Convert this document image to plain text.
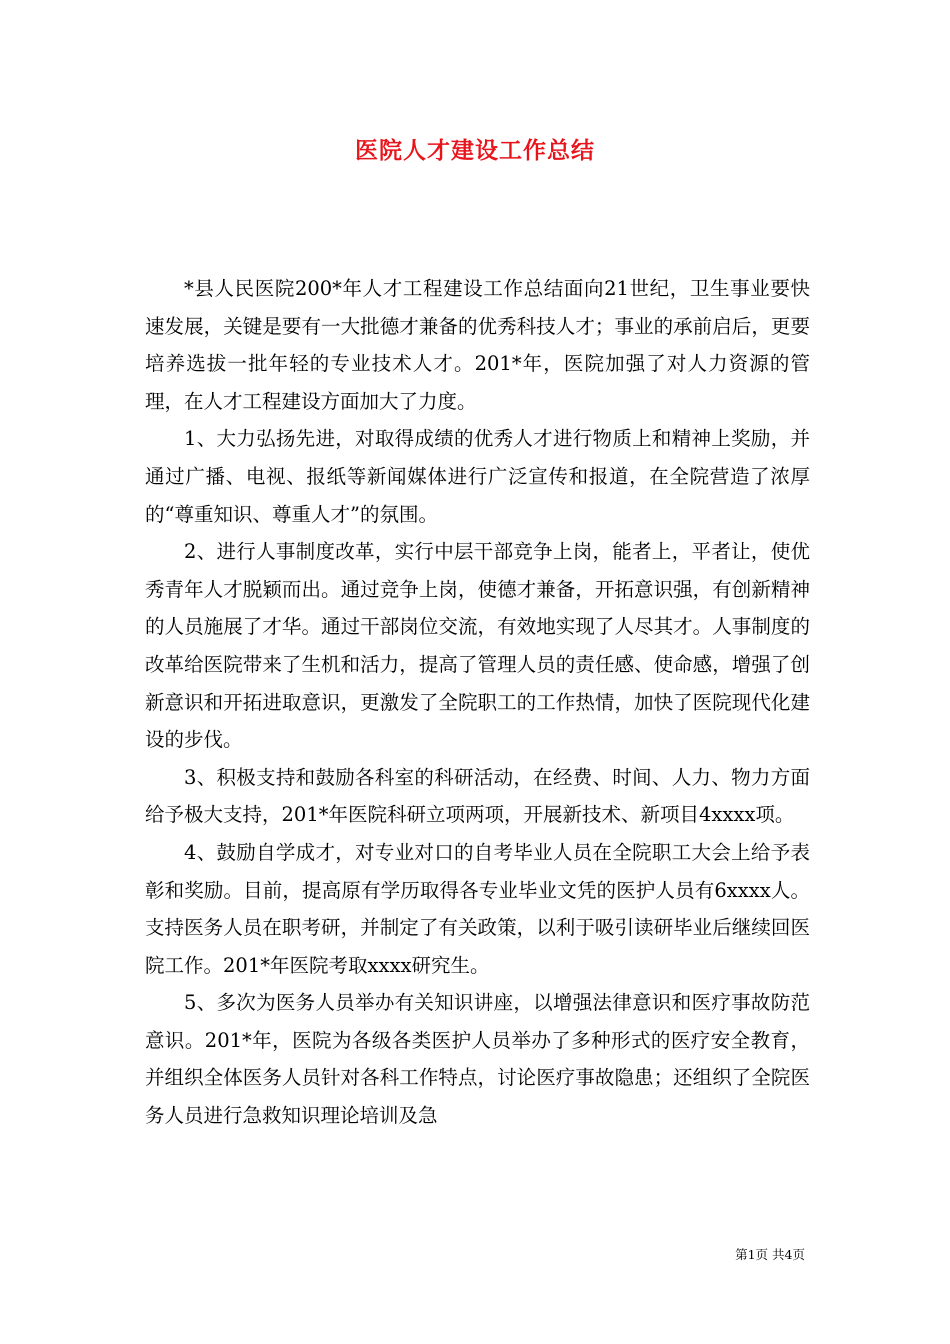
医院人才建设工作总结

*县人民医院200*年人才工程建设工作总结面向21世纪，卫生事业要快速发展，关键是要有一大批德才兼备的优秀科技人才；事业的承前启后，更要培养选拔一批年轻的专业技术人才。201*年，医院加强了对人力资源的管理，在人才工程建设方面加大了力度。

1、大力弘扬先进，对取得成绩的优秀人才进行物质上和精神上奖励，并通过广播、电视、报纸等新闻媒体进行广泛宣传和报道，在全院营造了浓厚的“尊重知识、尊重人才”的氛围。

2、进行人事制度改革，实行中层干部竞争上岗，能者上，平者让，使优秀青年人才脱颖而出。通过竞争上岗，使德才兼备，开拓意识强，有创新精神的人员施展了才华。通过干部岗位交流，有效地实现了人尽其才。人事制度的改革给医院带来了生机和活力，提高了管理人员的责任感、使命感，增强了创新意识和开拓进取意识，更激发了全院职工的工作热情，加快了医院现代化建设的步伐。

3、积极支持和鼓励各科室的科研活动，在经费、时间、人力、物力方面给予极大支持，201*年医院科研立项两项，开展新技术、新项目4xxxx项。

4、鼓励自学成才，对专业对口的自考毕业人员在全院职工大会上给予表彰和奖励。目前，提高原有学历取得各专业毕业文凭的医护人员有6xxxx人。支持医务人员在职考研，并制定了有关政策，以利于吸引读研毕业后继续回医院工作。201*年医院考取xxxx研究生。

5、多次为医务人员举办有关知识讲座，以增强法律意识和医疗事故防范意识。201*年，医院为各级各类医护人员举办了多种形式的医疗安全教育，并组织全体医务人员针对各科工作特点，讨论医疗事故隐患；还组织了全院医务人员进行急救知识理论培训及急

第1页 共4页
